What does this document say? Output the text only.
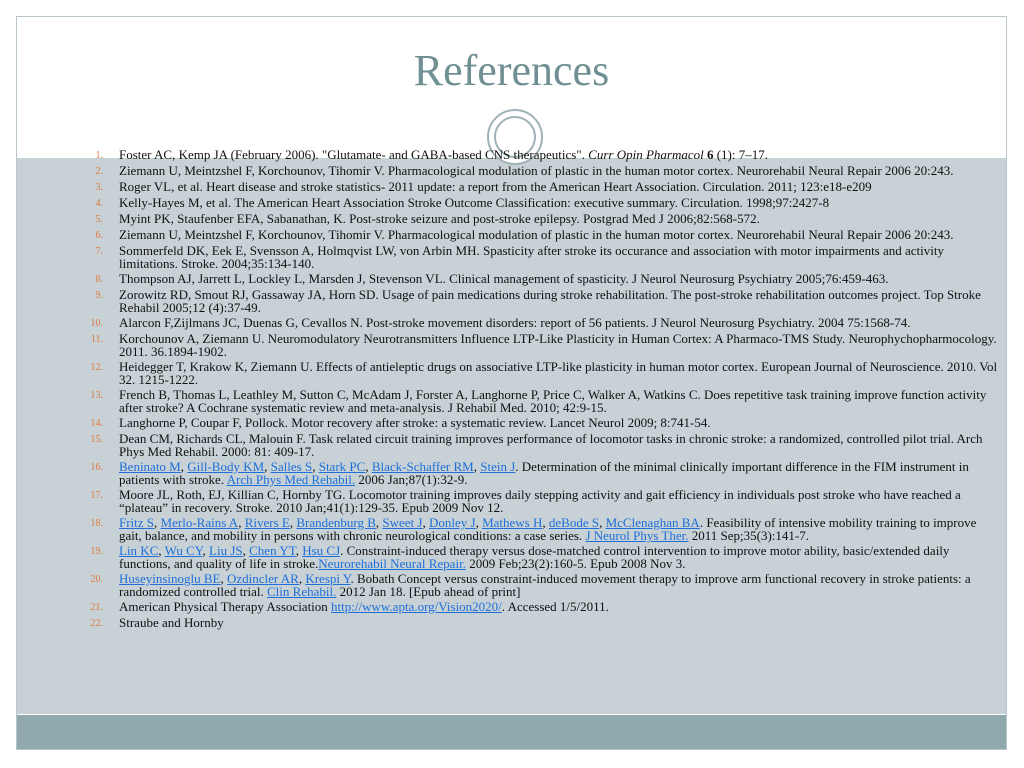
References
1.	Foster AC, Kemp JA (February 2006). "Glutamate- and GABA-based CNS therapeutics". Curr Opin Pharmacol 6 (1): 7–17.
2.	Ziemann U, Meintzshel F, Korchounov, Tihomir V. Pharmacological modulation of plastic in the human motor cortex. Neurorehabil Neural Repair 2006 20:243.
3.	Roger VL, et al. Heart disease and stroke statistics- 2011 update: a report from the American Heart Association. Circulation. 2011; 123:e18-e209
4.	Kelly-Hayes M, et al. The American Heart Association Stroke Outcome Classification: executive summary. Circulation. 1998;97:2427-8
5.	Myint PK, Staufenber EFA, Sabanathan, K. Post-stroke seizure and post-stroke epilepsy. Postgrad Med J 2006;82:568-572.
6.	Ziemann U, Meintzshel F, Korchounov, Tihomir V. Pharmacological modulation of plastic in the human motor cortex. Neurorehabil Neural Repair 2006 20:243.
7.	Sommerfeld DK, Eek E, Svensson A, Holmqvist LW, von Arbin MH. Spasticity after stroke its occurance and association with motor impairments and activity limitations. Stroke. 2004;35:134-140.
8.	Thompson AJ, Jarrett L, Lockley L, Marsden J, Stevenson VL. Clinical management of spasticity. J Neurol Neurosurg Psychiatry 2005;76:459-463.
9.	Zorowitz RD, Smout RJ, Gassaway JA, Horn SD. Usage of pain medications during stroke rehabilitation. The post-stroke rehabilitation outcomes project. Top Stroke Rehabil 2005;12 (4):37-49.
10.	Alarcon F,Zijlmans JC, Duenas G, Cevallos N. Post-stroke movement disorders: report of 56 patients. J Neurol Neurosurg Psychiatry. 2004 75:1568-74.
11.	Korchounov A, Ziemann U. Neuromodulatory Neurotransmitters Influence LTP-Like Plasticity in Human Cortex: A Pharmaco-TMS Study. Neurophychopharmocology. 2011. 36.1894-1902.
12.	Heidegger T, Krakow K, Ziemann U. Effects of antieleptic drugs on associative LTP-like plasticity in human motor cortex. European Journal of Neuroscience. 2010. Vol 32. 1215-1222.
13.	French B, Thomas L, Leathley M, Sutton C, McAdam J, Forster A, Langhorne P, Price C, Walker A, Watkins C. Does repetitive task training improve function activity after stroke? A Cochrane systematic review and meta-analysis. J Rehabil Med. 2010; 42:9-15.
14.	Langhorne P, Coupar F, Pollock. Motor recovery after stroke: a systematic review. Lancet Neurol 2009; 8:741-54.
15.	Dean CM, Richards CL, Malouin F. Task related circuit training improves performance of locomotor tasks in chronic stroke: a randomized, controlled pilot trial. Arch Phys Med Rehabil. 2000: 81: 409-17.
16.	Beninato M, Gill-Body KM, Salles S, Stark PC, Black-Schaffer RM, Stein J. Determination of the minimal clinically important difference in the FIM instrument in patients with stroke. Arch Phys Med Rehabil. 2006 Jan;87(1):32-9.
17.	Moore JL, Roth, EJ, Killian C, Hornby TG. Locomotor training improves daily stepping activity and gait efficiency in individuals post stroke who have reached a “plateau” in recovery. Stroke. 2010 Jan;41(1):129-35. Epub 2009 Nov 12.
18.	Fritz S, Merlo-Rains A, Rivers E, Brandenburg B, Sweet J, Donley J, Mathews H, deBode S, McClenaghan BA. Feasibility of intensive mobility training to improve gait, balance, and mobility in persons with chronic neurological conditions: a case series. J Neurol Phys Ther. 2011 Sep;35(3):141-7.
19.	Lin KC, Wu CY, Liu JS, Chen YT, Hsu CJ. Constraint-induced therapy versus dose-matched control intervention to improve motor ability, basic/extended daily functions, and quality of life in stroke.Neurorehabil Neural Repair. 2009 Feb;23(2):160-5. Epub 2008 Nov 3.
20.	Huseyinsinoglu BE, Ozdincler AR, Krespi Y. Bobath Concept versus constraint-induced movement therapy to improve arm functional recovery in stroke patients: a randomized controlled trial. Clin Rehabil. 2012 Jan 18. [Epub ahead of print]
21.	American Physical Therapy Association http://www.apta.org/Vision2020/. Accessed 1/5/2011.
22.	Straube and Hornby
